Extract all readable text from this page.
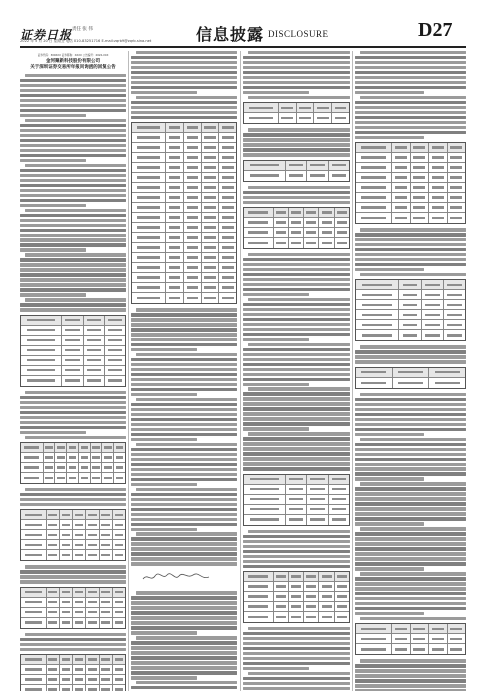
证券日报 责任 张 伟
2022 年 5 月 20 日 星期五 电话 010-83251716 E-mail:zqrb9@zqrb.sina.net	信息披露 DISCLOSURE	D27
证券代码：300XXX 证券简称：XXXX 公告编号：2022-XXX
金河聚新科技股份有限公司
关于深圳证券交易所年报问询函的回复公告
